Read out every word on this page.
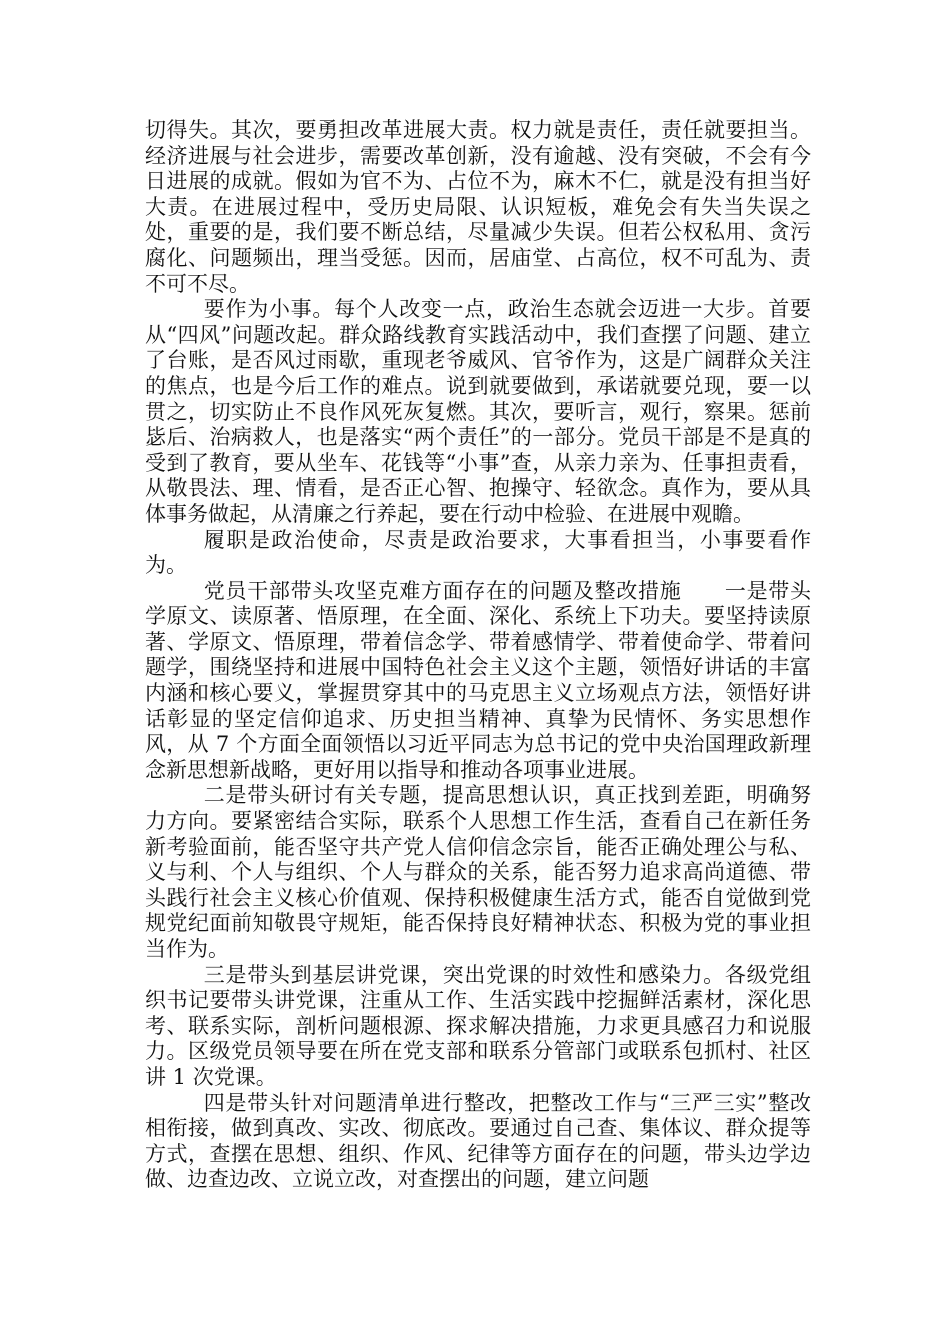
切得失。其次，要勇担改革进展大责。权力就是责任，责任就要担当。经济进展与社会进步，需要改革创新，没有逾越、没有突破，不会有今日进展的成就。假如为官不为、占位不为，麻木不仁，就是没有担当好大责。在进展过程中，受历史局限、认识短板，难免会有失当失误之处，重要的是，我们要不断总结，尽量减少失误。但若公权私用、贪污腐化、问题频出，理当受惩。因而，居庙堂、占高位，权不可乱为、责不可不尽。

要作为小事。每个人改变一点，政治生态就会迈进一大步。首要从“四风”问题改起。群众路线教育实践活动中，我们查摆了问题、建立了台账，是否风过雨歇，重现老爷威风、官爷作为，这是广阔群众关注的焦点，也是今后工作的难点。说到就要做到，承诺就要兑现，要一以贯之，切实防止不良作风死灰复燃。其次，要听言，观行，察果。惩前毖后、治病救人，也是落实“两个责任”的一部分。党员干部是不是真的受到了教育，要从坐车、花钱等“小事”查，从亲力亲为、任事担责看，从敬畏法、理、情看，是否正心智、抱操守、轻欲念。真作为，要从具体事务做起，从清廉之行养起，要在行动中检验、在进展中观瞻。

履职是政治使命，尽责是政治要求，大事看担当，小事要看作为。

党员干部带头攻坚克难方面存在的问题及整改措施　　一是带头学原文、读原著、悟原理，在全面、深化、系统上下功夫。要坚持读原著、学原文、悟原理，带着信念学、带着感情学、带着使命学、带着问题学，围绕坚持和进展中国特色社会主义这个主题，领悟好讲话的丰富内涵和核心要义，掌握贯穿其中的马克思主义立场观点方法，领悟好讲话彰显的坚定信仰追求、历史担当精神、真挚为民情怀、务实思想作风，从 7 个方面全面领悟以习近平同志为总书记的党中央治国理政新理念新思想新战略，更好用以指导和推动各项事业进展。

二是带头研讨有关专题，提高思想认识，真正找到差距，明确努力方向。要紧密结合实际，联系个人思想工作生活，查看自己在新任务新考验面前，能否坚守共产党人信仰信念宗旨，能否正确处理公与私、义与利、个人与组织、个人与群众的关系，能否努力追求高尚道德、带头践行社会主义核心价值观、保持积极健康生活方式，能否自觉做到党规党纪面前知敬畏守规矩，能否保持良好精神状态、积极为党的事业担当作为。

三是带头到基层讲党课，突出党课的时效性和感染力。各级党组织书记要带头讲党课，注重从工作、生活实践中挖掘鲜活素材，深化思考、联系实际，剖析问题根源、探求解决措施，力求更具感召力和说服力。区级党员领导要在所在党支部和联系分管部门或联系包抓村、社区讲 1 次党课。

四是带头针对问题清单进行整改，把整改工作与“三严三实”整改相衔接，做到真改、实改、彻底改。要通过自己查、集体议、群众提等方式，查摆在思想、组织、作风、纪律等方面存在的问题，带头边学边做、边查边改、立说立改，对查摆出的问题，建立问题
